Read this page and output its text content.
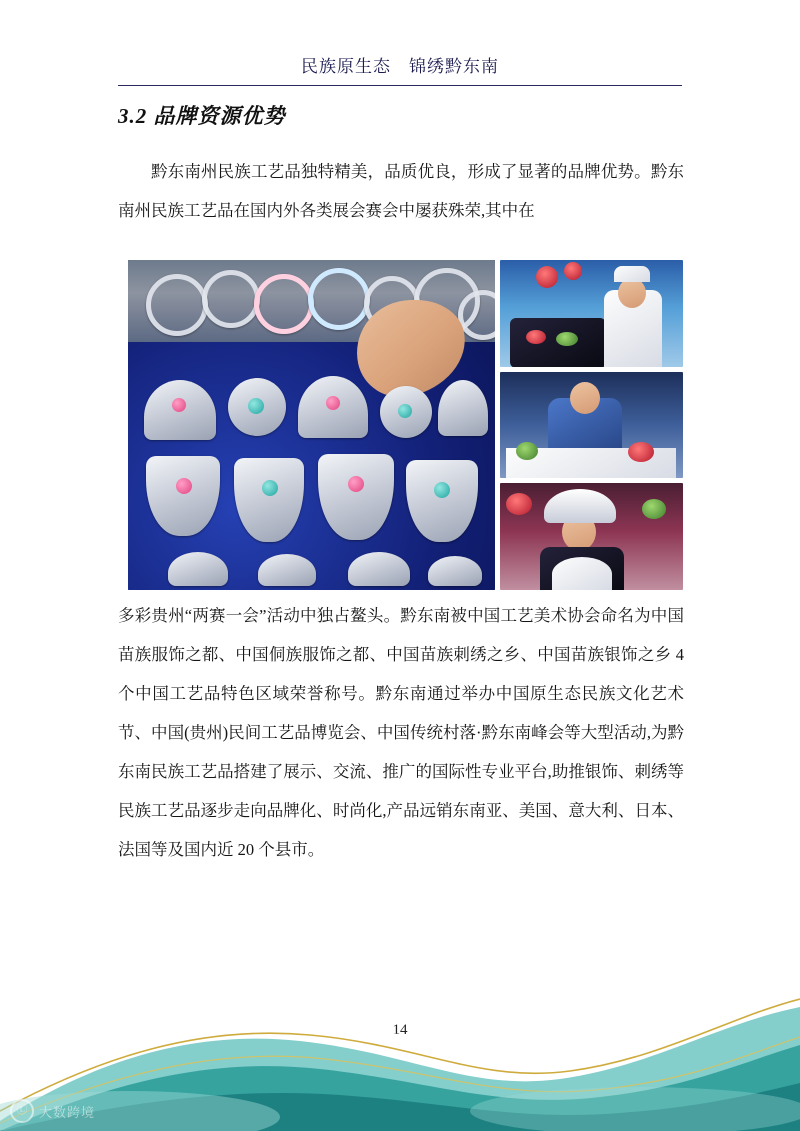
民族原生态　锦绣黔东南
3.2 品牌资源优势
黔东南州民族工艺品独特精美，品质优良，形成了显著的品牌优势。黔东南州民族工艺品在国内外各类展会赛会中屡获殊荣,其中在
多彩贵州“两赛一会”活动中独占鳌头。黔东南被中国工艺美术协会命名为中国苗族服饰之都、中国侗族服饰之都、中国苗族刺绣之乡、中国苗族银饰之乡 4 个中国工艺品特色区域荣誉称号。黔东南通过举办中国原生态民族文化艺术节、中国(贵州)民间工艺品博览会、中国传统村落·黔东南峰会等大型活动,为黔东南民族工艺品搭建了展示、交流、推广的国际性专业平台,助推银饰、刺绣等民族工艺品逐步走向品牌化、时尚化,产品远销东南亚、美国、意大利、日本、法国等及国内近 20 个县市。
14
Ⓛ 大数跨境
